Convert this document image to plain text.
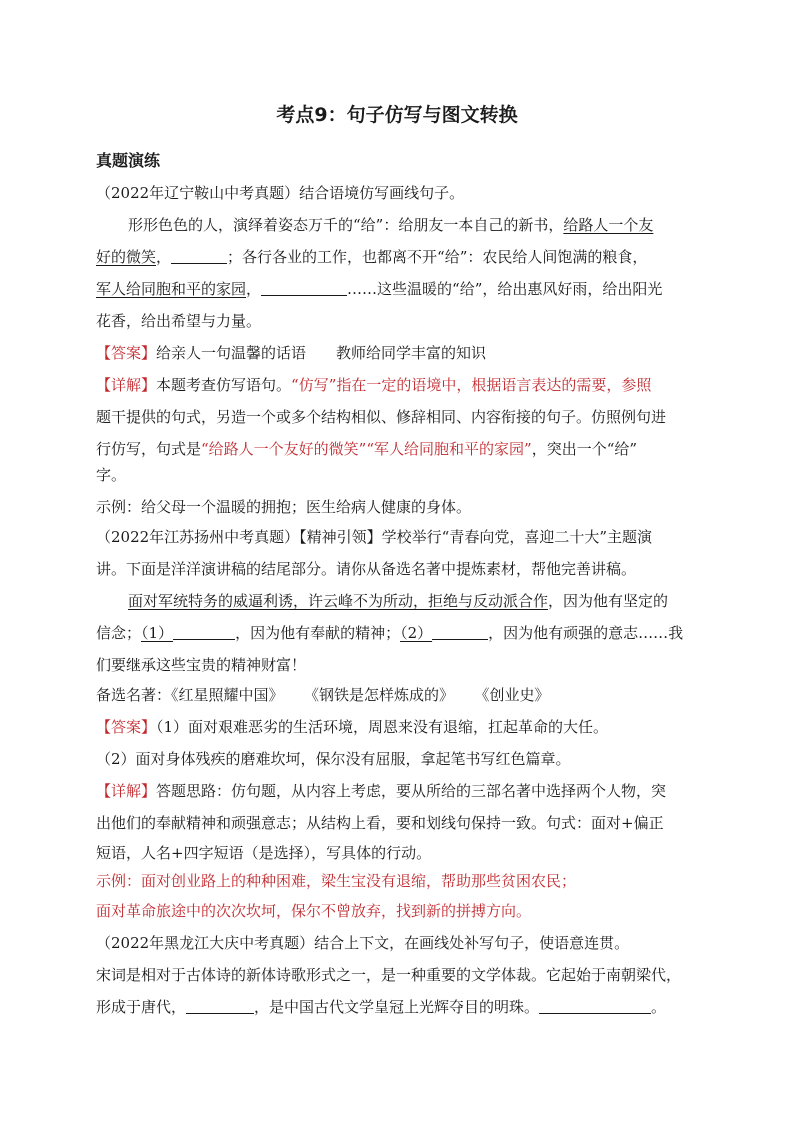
考点9：句子仿写与图文转换
真题演练
（2022年辽宁鞍山中考真题）结合语境仿写画线句子。
形形色色的人，演绎着姿态万千的“给”：给朋友一本自己的新书，给路人一个友
好的微笑，	；各行各业的工作，也都离不开“给”：农民给人间饱满的粮食，
军人给同胞和平的家园，	……这些温暖的“给”，给出惠风好雨，给出阳光
花香，给出希望与力量。
【答案】给亲人一句温馨的话语 教师给同学丰富的知识
【详解】本题考查仿写语句。“仿写”指在一定的语境中，根据语言表达的需要，参照
题干提供的句式，另造一个或多个结构相似、修辞相同、内容衔接的句子。仿照例句进
行仿写，句式是“给路人一个友好的微笑”“军人给同胞和平的家园”，突出一个“给”
字。
示例：给父母一个温暖的拥抱；医生给病人健康的身体。
（2022年江苏扬州中考真题）【精神引领】学校举行“青春向党，喜迎二十大”主题演
讲。下面是洋洋演讲稿的结尾部分。请你从备选名著中提炼素材，帮他完善讲稿。
面对军统特务的威逼利诱，许云峰不为所动，拒绝与反动派合作，因为他有坚定的
信念；（1）	，因为他有奉献的精神；（2）	，因为他有顽强的意志……我
们要继承这些宝贵的精神财富！
备选名著：《红星照耀中国》 《钢铁是怎样炼成的》 《创业史》
【答案】（1）面对艰难恶劣的生活环境，周恩来没有退缩，扛起革命的大任。
（2）面对身体残疾的磨难坎坷，保尔没有屈服，拿起笔书写红色篇章。
【详解】答题思路：仿句题，从内容上考虑，要从所给的三部名著中选择两个人物，突
出他们的奉献精神和顽强意志；从结构上看，要和划线句保持一致。句式：面对+偏正
短语，人名+四字短语（是选择），写具体的行动。
示例：面对创业路上的种种困难，梁生宝没有退缩，帮助那些贫困农民；
面对革命旅途中的次次坎坷，保尔不曾放弃，找到新的拼搏方向。
（2022年黑龙江大庆中考真题）结合上下文，在画线处补写句子，使语意连贯。
宋词是相对于古体诗的新体诗歌形式之一，是一种重要的文学体裁。它起始于南朝梁代，
形成于唐代，	，是中国古代文学皇冠上光辉夺目的明珠。	。
